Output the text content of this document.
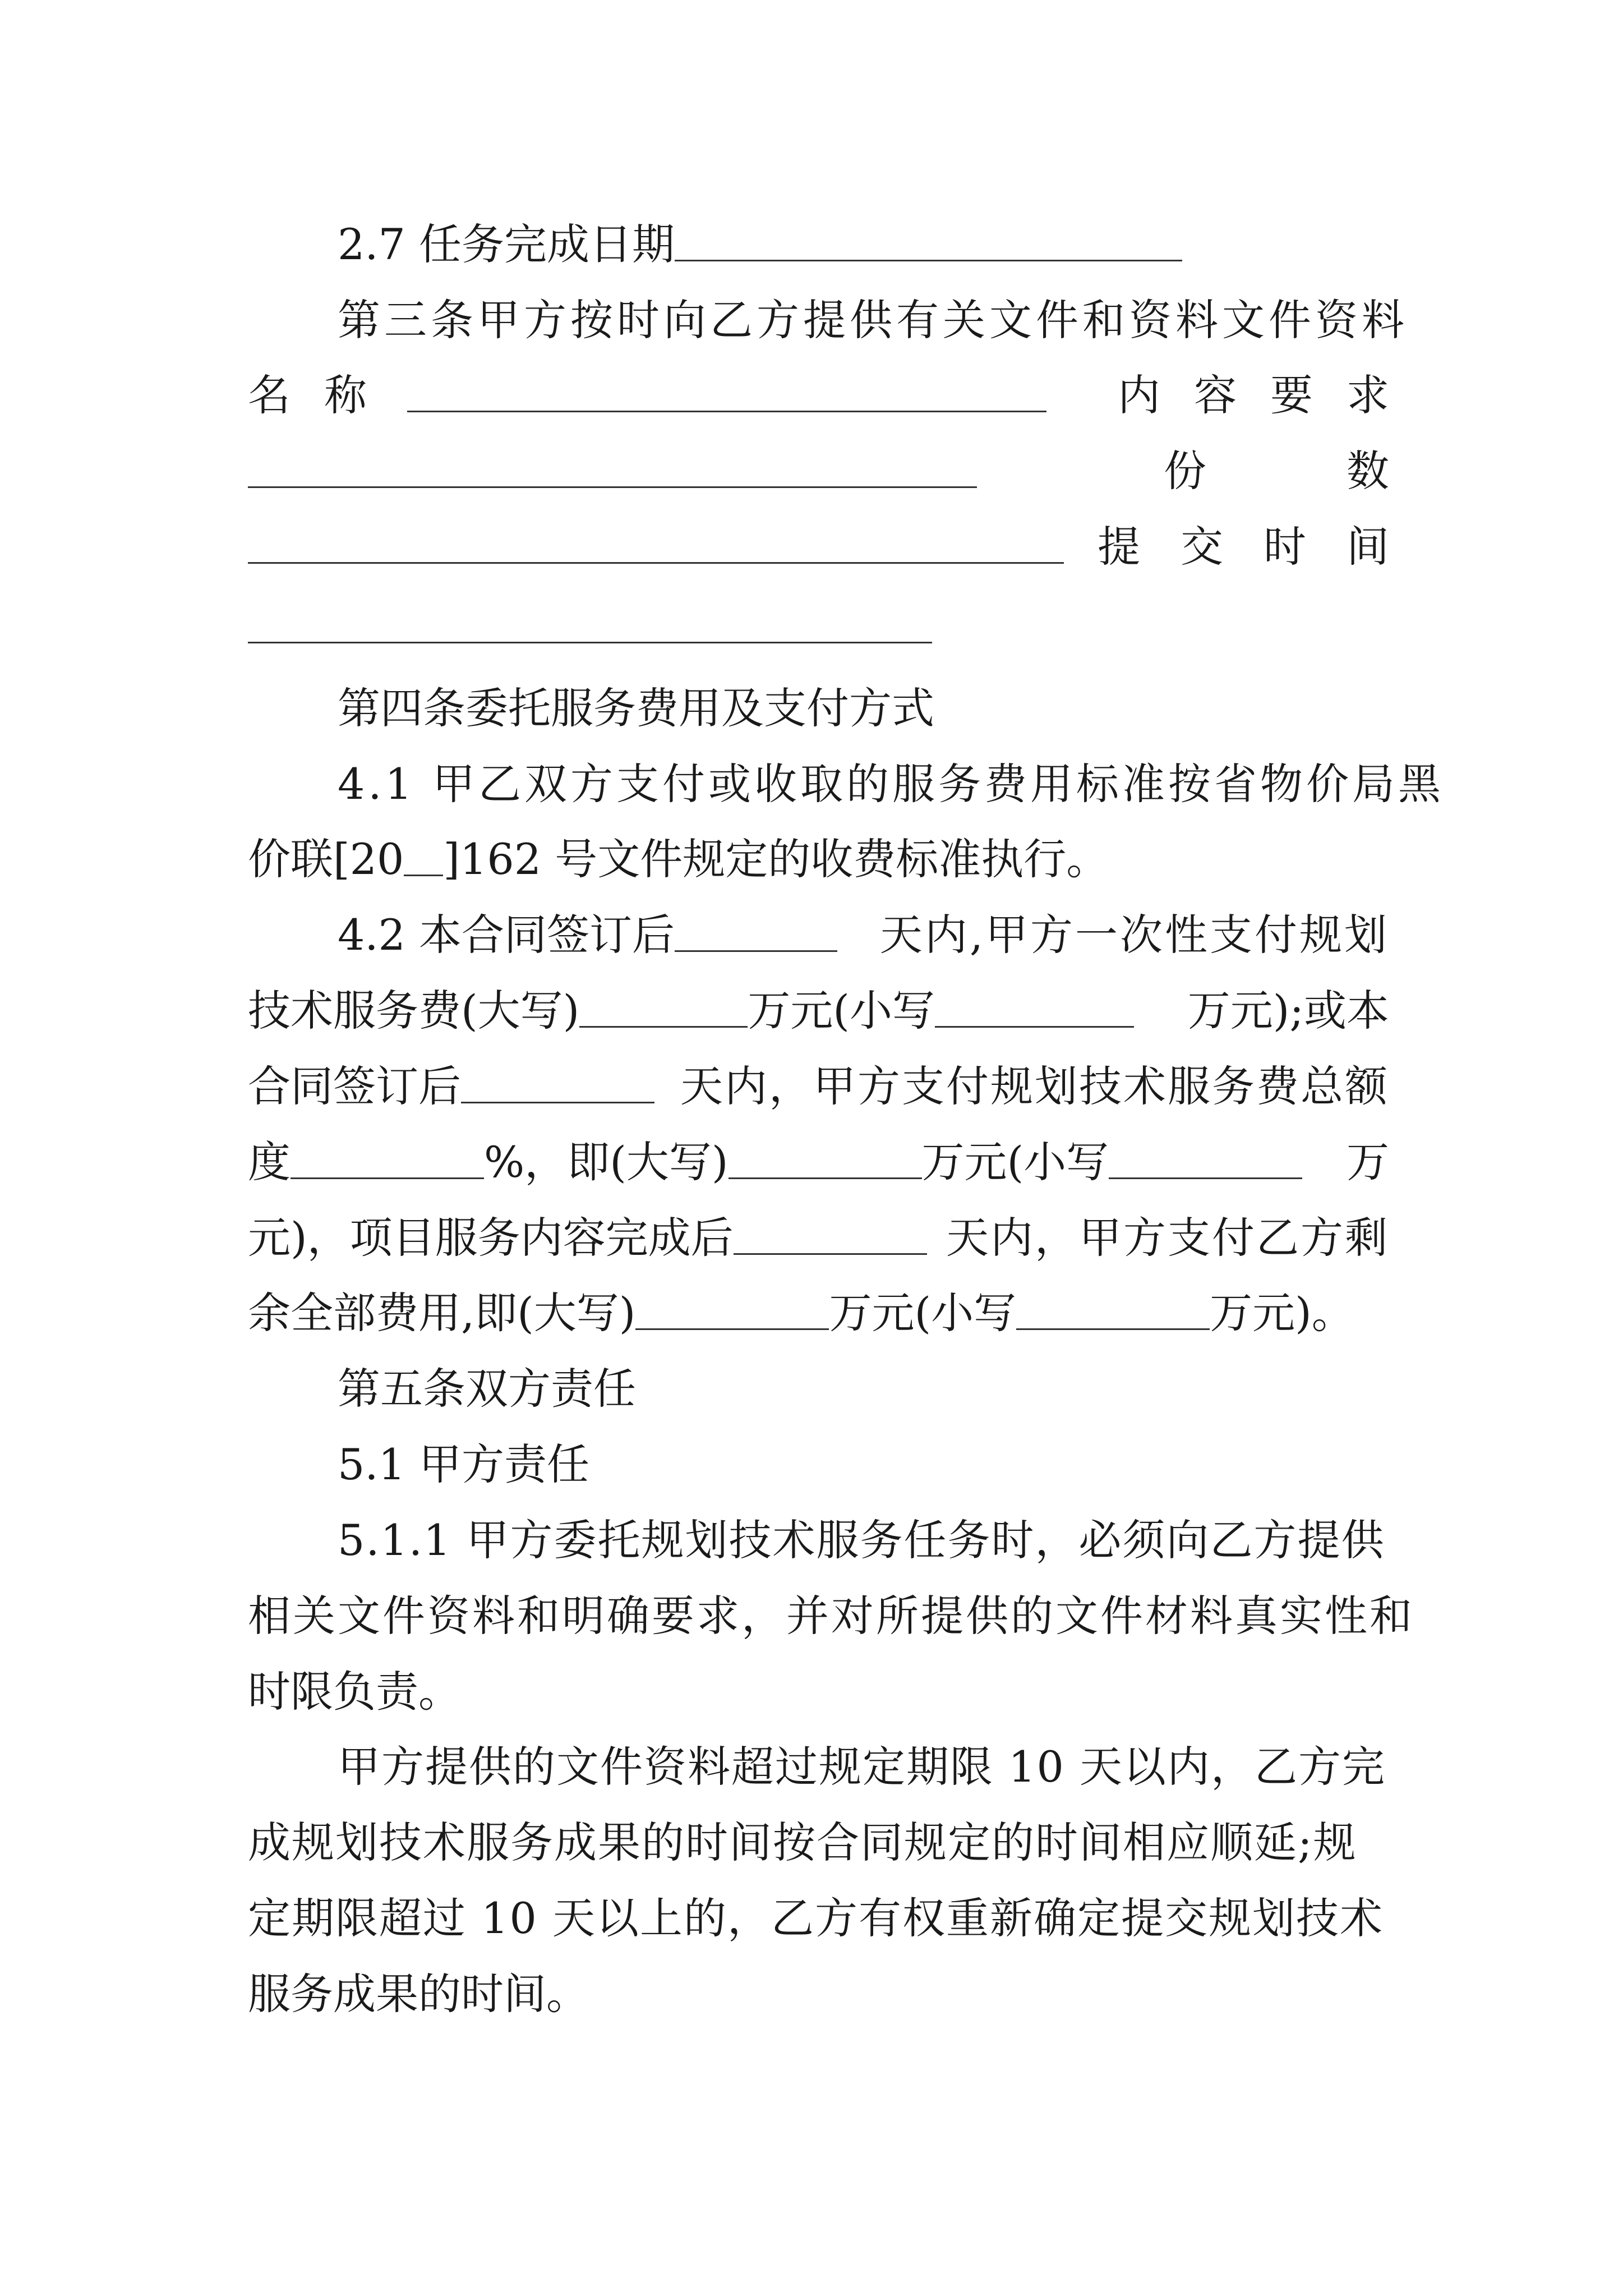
2.7 任务完成日期
第三条甲方按时向乙方提供有关文件和资料文件资料
名称	内容要求
份数
提交时间
第四条委托服务费用及支付方式
4.1 甲乙双方支付或收取的服务费用标准按省物价局黑
价联[20 ]162 号文件规定的收费标准执行。
4.2 本合同签订后	天内,甲方一次性支付规划
技术服务费(大写)	万元(小写	万元);或本
合同签订后	天内，甲方支付规划技术服务费总额
度	%，即(大写)	万元(小写	万
元)，项目服务内容完成后	天内，甲方支付乙方剩
余全部费用,即(大写)	万元(小写	万元)。
第五条双方责任
5.1 甲方责任
5.1.1 甲方委托规划技术服务任务时，必须向乙方提供
相关文件资料和明确要求，并对所提供的文件材料真实性和
时限负责。
甲方提供的文件资料超过规定期限 10 天以内，乙方完
成规划技术服务成果的时间按合同规定的时间相应顺延;规
定期限超过 10 天以上的，乙方有权重新确定提交规划技术
服务成果的时间。
